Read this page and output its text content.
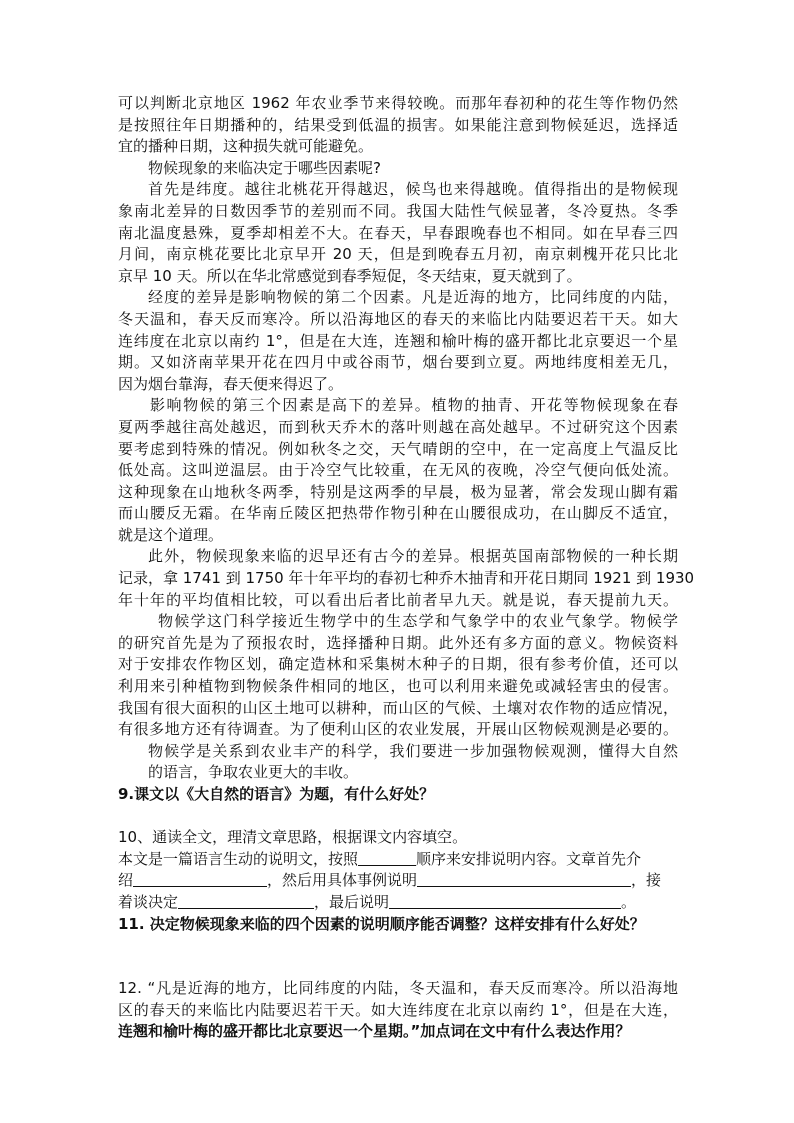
可以判断北京地区 1962 年农业季节来得较晚。而那年春初种的花生等作物仍然
是按照往年日期播种的，结果受到低温的损害。如果能注意到物候延迟，选择适
宜的播种日期，这种损失就可能避免。
物候现象的来临决定于哪些因素呢?
首先是纬度。越往北桃花开得越迟，候鸟也来得越晚。值得指出的是物候现
象南北差异的日数因季节的差别而不同。我国大陆性气候显著，冬冷夏热。冬季
南北温度悬殊，夏季却相差不大。在春天，早春跟晚春也不相同。如在早春三四
月间，南京桃花要比北京早开 20 天，但是到晚春五月初，南京刺槐开花只比北
京早 10 天。所以在华北常感觉到春季短促，冬天结束，夏天就到了。
经度的差异是影响物候的第二个因素。凡是近海的地方，比同纬度的内陆，
冬天温和，春天反而寒冷。所以沿海地区的春天的来临比内陆要迟若干天。如大
连纬度在北京以南约 1°，但是在大连，连翘和榆叶梅的盛开都比北京要迟一个星
期。又如济南苹果开花在四月中或谷雨节，烟台要到立夏。两地纬度相差无几，
因为烟台靠海，春天便来得迟了。
影响物候的第三个因素是高下的差异。植物的抽青、开花等物候现象在春
夏两季越往高处越迟，而到秋天乔木的落叶则越在高处越早。不过研究这个因素
要考虑到特殊的情况。例如秋冬之交，天气晴朗的空中，在一定高度上气温反比
低处高。这叫逆温层。由于冷空气比较重，在无风的夜晚，冷空气便向低处流。
这种现象在山地秋冬两季，特别是这两季的早晨，极为显著，常会发现山脚有霜
而山腰反无霜。在华南丘陵区把热带作物引种在山腰很成功，在山脚反不适宜，
就是这个道理。
此外，物候现象来临的迟早还有古今的差异。根据英国南部物候的一种长期
记录，拿 1741 到 1750 年十年平均的春初七种乔木抽青和开花日期同 1921 到 1930
年十年的平均值相比较，可以看出后者比前者早九天。就是说，春天提前九天。
物候学这门科学接近生物学中的生态学和气象学中的农业气象学。物候学
的研究首先是为了预报农时，选择播种日期。此外还有多方面的意义。物候资料
对于安排农作物区划，确定造林和采集树木种子的日期，很有参考价值，还可以
利用来引种植物到物候条件相同的地区，也可以利用来避免或减轻害虫的侵害。
我国有很大面积的山区土地可以耕种，而山区的气候、土壤对农作物的适应情况，
有很多地方还有待调查。为了便利山区的农业发展，开展山区物候观测是必要的。
物候学是关系到农业丰产的科学，我们要进一步加强物候观测，懂得大自然
的语言，争取农业更大的丰收。
9.课文以《大自然的语言》为题，有什么好处？
10、通读全文，理清文章思路，根据课文内容填空。
本文是一篇语言生动的说明文，按照	顺序来安排说明内容。文章首先介
绍	，然后用具体事例说明	，接
着谈决定	，最后说明	。
11. 决定物候现象来临的四个因素的说明顺序能否调整？这样安排有什么好处？
12. “凡是近海的地方，比同纬度的内陆，冬天温和，春天反而寒冷。所以沿海地
区的春天的来临比内陆要迟若干天。如大连纬度在北京以南约 1°，但是在大连，
连翘和榆叶梅的盛开都比北京要迟一个星期。”加点词在文中有什么表达作用？
